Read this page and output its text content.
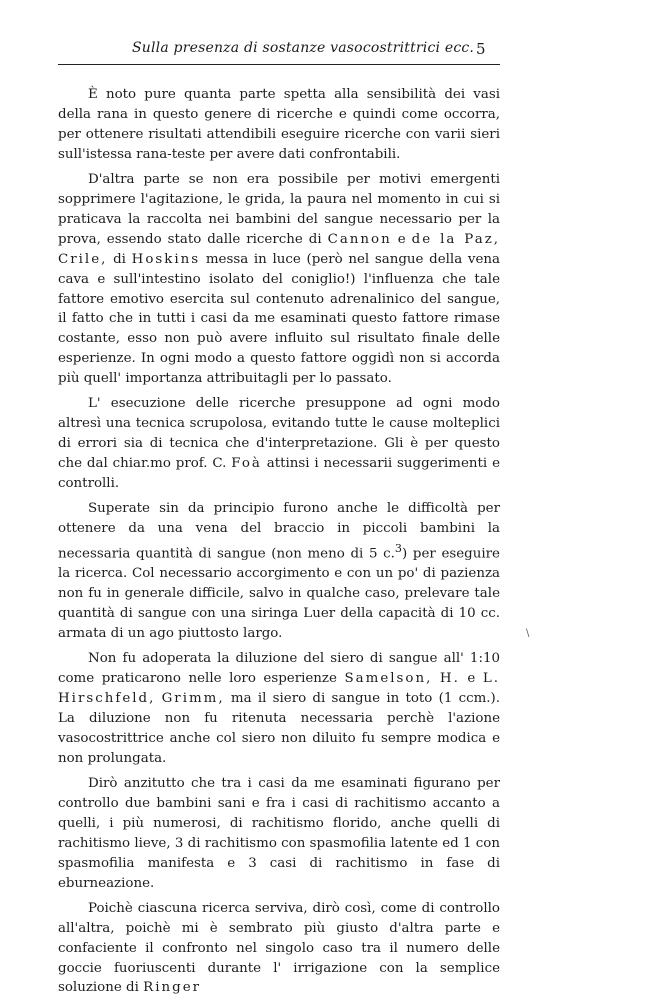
Sulla presenza di sostanze vasocostrittrici ecc. 5

È noto pure quanta parte spetta alla sensibilità dei vasi della rana in questo genere di ricerche e quindi come occorra, per ottenere risultati attendibili eseguire ricerche con varii sieri sull'istessa rana-teste per avere dati confrontabili.

D'altra parte se non era possibile per motivi emergenti sopprimere l'agitazione, le grida, la paura nel momento in cui si praticava la raccolta nei bambini del sangue necessario per la prova, essendo stato dalle ricerche di Cannon e de la Paz, Crile, di Hoskins messa in luce (però nel sangue della vena cava e sull'intestino isolato del coniglio!) l'influenza che tale fattore emotivo esercita sul contenuto adrenalinico del sangue, il fatto che in tutti i casi da me esaminati questo fattore rimase costante, esso non può avere influito sul risultato finale delle esperienze. In ogni modo a questo fattore oggidì non si accorda più quell' importanza attribuitagli per lo passato.

L' esecuzione delle ricerche presuppone ad ogni modo altresì una tecnica scrupolosa, evitando tutte le cause molteplici di errori sia di tecnica che d'interpretazione. Gli è per questo che dal chiar.mo prof. C. Foà attinsi i necessarii suggerimenti e controlli.

Superate sin da principio furono anche le difficoltà per ottenere da una vena del braccio in piccoli bambini la necessaria quantità di sangue (non meno di 5 c.$^3$) per eseguire la ricerca. Col necessario accorgimento e con un po' di pazienza non fu in generale difficile, salvo in qualche caso, prelevare tale quantità di sangue con una siringa Luer della capacità di 10 cc. armata di un ago piuttosto largo.

Non fu adoperata la diluzione del siero di sangue all' 1:10 come praticarono nelle loro esperienze Samelson, H. e L. Hirschfeld, Grimm, ma il siero di sangue in toto (1 ccm.). La diluzione non fu ritenuta necessaria perchè l'azione vasocostrittrice anche col siero non diluito fu sempre modica e non prolungata.

Dirò anzitutto che tra i casi da me esaminati figurano per controllo due bambini sani e fra i casi di rachitismo accanto a quelli, i più numerosi, di rachitismo florido, anche quelli di rachitismo lieve, 3 di rachitismo con spasmofilia latente ed 1 con spasmofilia manifesta e 3 casi di rachitismo in fase di eburneazione.

Poichè ciascuna ricerca serviva, dirò così, come di controllo all'altra, poichè mi è sembrato più giusto d'altra parte e confaciente il confronto nel singolo caso tra il numero delle goccie fuoriuscenti durante l' irrigazione con la semplice soluzione di Ringer

\
